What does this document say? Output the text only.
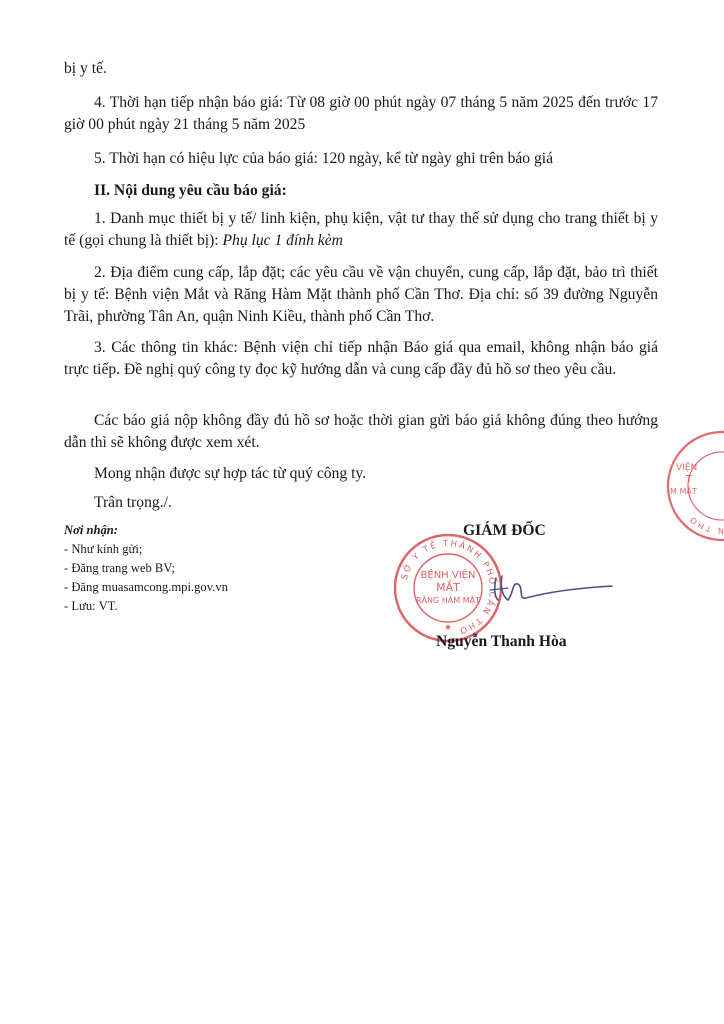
bị y tế.
4. Thời hạn tiếp nhận báo giá: Từ 08 giờ 00 phút ngày 07 tháng 5 năm 2025 đến trước 17 giờ 00 phút ngày 21 tháng 5 năm 2025
5. Thời hạn có hiệu lực của báo giá: 120 ngày, kể từ ngày ghi trên báo giá
II. Nội dung yêu cầu báo giá:
1. Danh mục thiết bị y tế/ linh kiện, phụ kiện, vật tư thay thế sử dụng cho trang thiết bị y tế (gọi chung là thiết bị): Phụ lục 1 đính kèm
2. Địa điểm cung cấp, lắp đặt; các yêu cầu về vận chuyển, cung cấp, lắp đặt, bảo trì thiết bị y tế: Bệnh viện Mắt và Răng Hàm Mặt thành phố Cần Thơ. Địa chỉ: số 39 đường Nguyễn Trãi, phường Tân An, quận Ninh Kiều, thành phố Cần Thơ.
3. Các thông tin khác: Bệnh viện chỉ tiếp nhận Báo giá qua email, không nhận báo giá trực tiếp. Đề nghị quý công ty đọc kỹ hướng dẫn và cung cấp đầy đủ hồ sơ theo yêu cầu.
Các báo giá nộp không đầy đủ hồ sơ hoặc thời gian gửi báo giá không đúng theo hướng dẫn thì sẽ không được xem xét.
Mong nhận được sự hợp tác từ quý công ty.
Trân trọng./.
Nơi nhận:
- Như kính gửi;
- Đăng trang web BV;
- Đăng muasamcong.mpi.gov.vn
- Lưu: VT.
GIÁM ĐỐC
SỞ Y TẾ THÀNH PHỐ CẦN THƠ
BỆNH VIỆN
MẮT
RĂNG HÀM MẶT
★
Nguyễn Thanh Hòa
N THƠ
VIỆN
T
M MẶT
